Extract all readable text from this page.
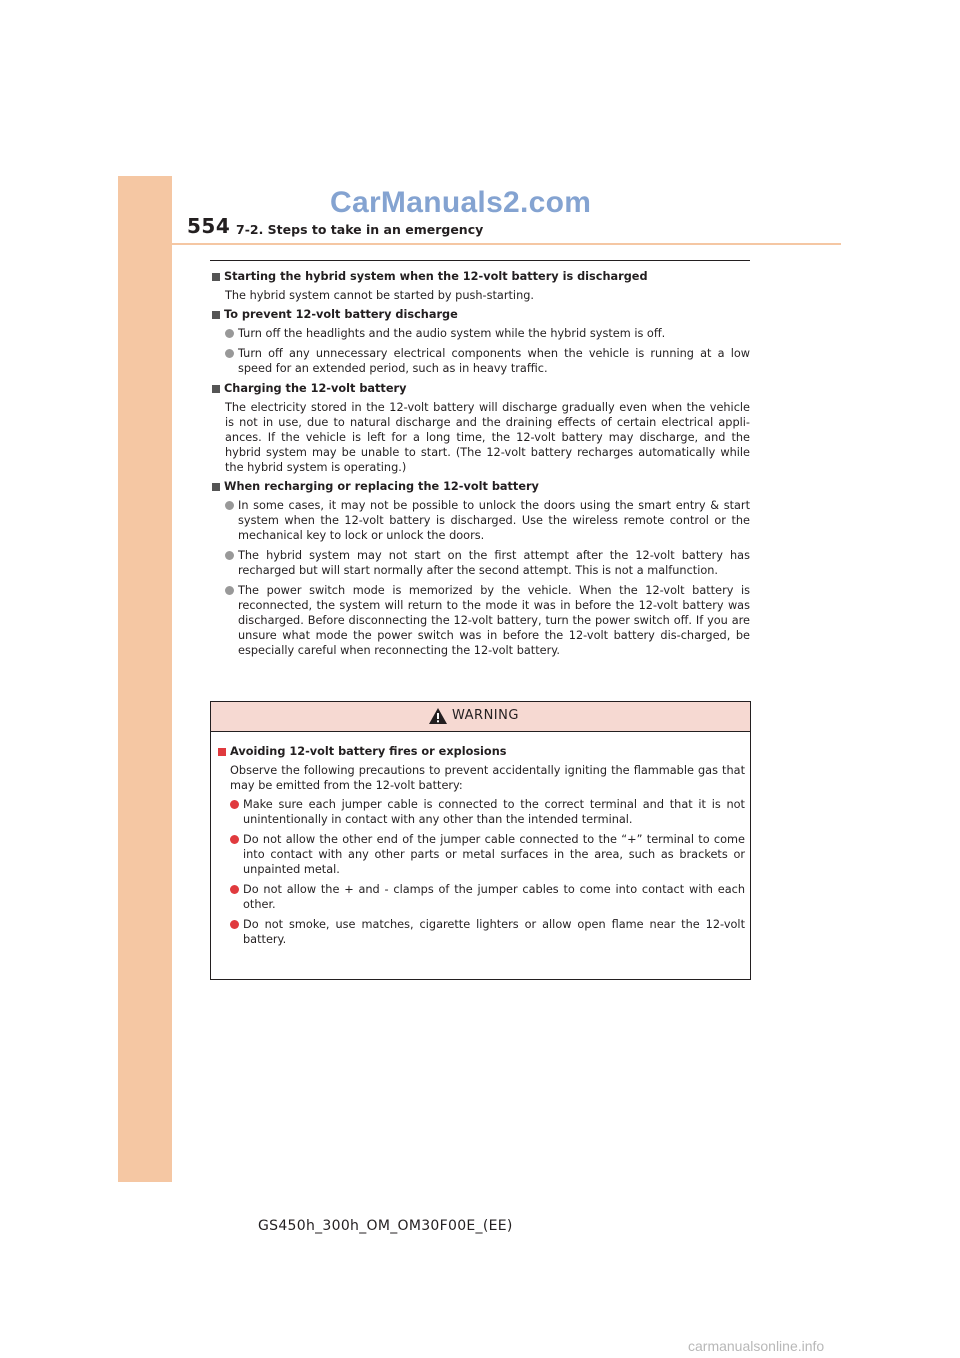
554 7-2. Steps to take in an emergency
CarManuals2.com
Starting the hybrid system when the 12-volt battery is discharged
The hybrid system cannot be started by push-starting.
To prevent 12-volt battery discharge
Turn off the headlights and the audio system while the hybrid system is off.
Turn off any unnecessary electrical components when the vehicle is running at a low speed for an extended period, such as in heavy traffic.
Charging the 12-volt battery
The electricity stored in the 12-volt battery will discharge gradually even when the vehicle is not in use, due to natural discharge and the draining effects of certain electrical appli-ances. If the vehicle is left for a long time, the 12-volt battery may discharge, and the hybrid system may be unable to start. (The 12-volt battery recharges automatically while the hybrid system is operating.)
When recharging or replacing the 12-volt battery
In some cases, it may not be possible to unlock the doors using the smart entry & start system when the 12-volt battery is discharged. Use the wireless remote control or the mechanical key to lock or unlock the doors.
The hybrid system may not start on the first attempt after the 12-volt battery has recharged but will start normally after the second attempt. This is not a malfunction.
The power switch mode is memorized by the vehicle. When the 12-volt battery is reconnected, the system will return to the mode it was in before the 12-volt battery was discharged. Before disconnecting the 12-volt battery, turn the power switch off. If you are unsure what mode the power switch was in before the 12-volt battery dis-charged, be especially careful when reconnecting the 12-volt battery.
WARNING
Avoiding 12-volt battery fires or explosions
Observe the following precautions to prevent accidentally igniting the flammable gas that may be emitted from the 12-volt battery:
Make sure each jumper cable is connected to the correct terminal and that it is not unintentionally in contact with any other than the intended terminal.
Do not allow the other end of the jumper cable connected to the “+” terminal to come into contact with any other parts or metal surfaces in the area, such as brackets or unpainted metal.
Do not allow the + and - clamps of the jumper cables to come into contact with each other.
Do not smoke, use matches, cigarette lighters or allow open flame near the 12-volt battery.
GS450h_300h_OM_OM30F00E_(EE)
carmanualsonline.info
